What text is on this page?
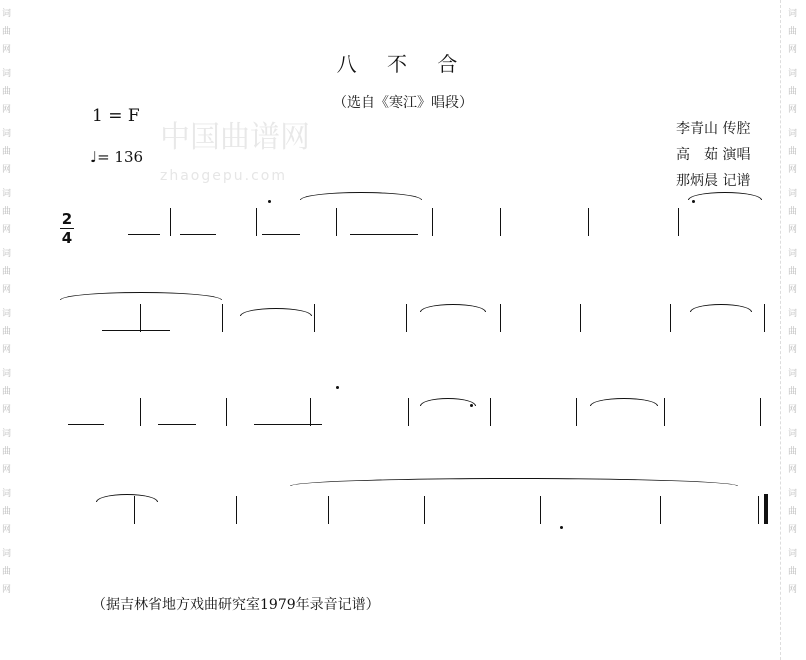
词
曲
网
词
曲
网
词
曲
网
词
曲
网
词
曲
网
词
曲
网
词
曲
网
词
曲
网
词
曲
网
词
曲
网
词
曲
网
词
曲
网
词
曲
网
词
曲
网
词
曲
网
词
曲
网
词
曲
网
词
曲
网
词
曲
网
词
曲
网
八 不 合
（选自《寒江》唱段）
1 = F
♩= 136
中国曲谱网
zhaogepu.com
李青山 传腔
高　茹 演唱
那炳晨 记谱
2
4
（据吉林省地方戏曲研究室1979年录音记谱）
